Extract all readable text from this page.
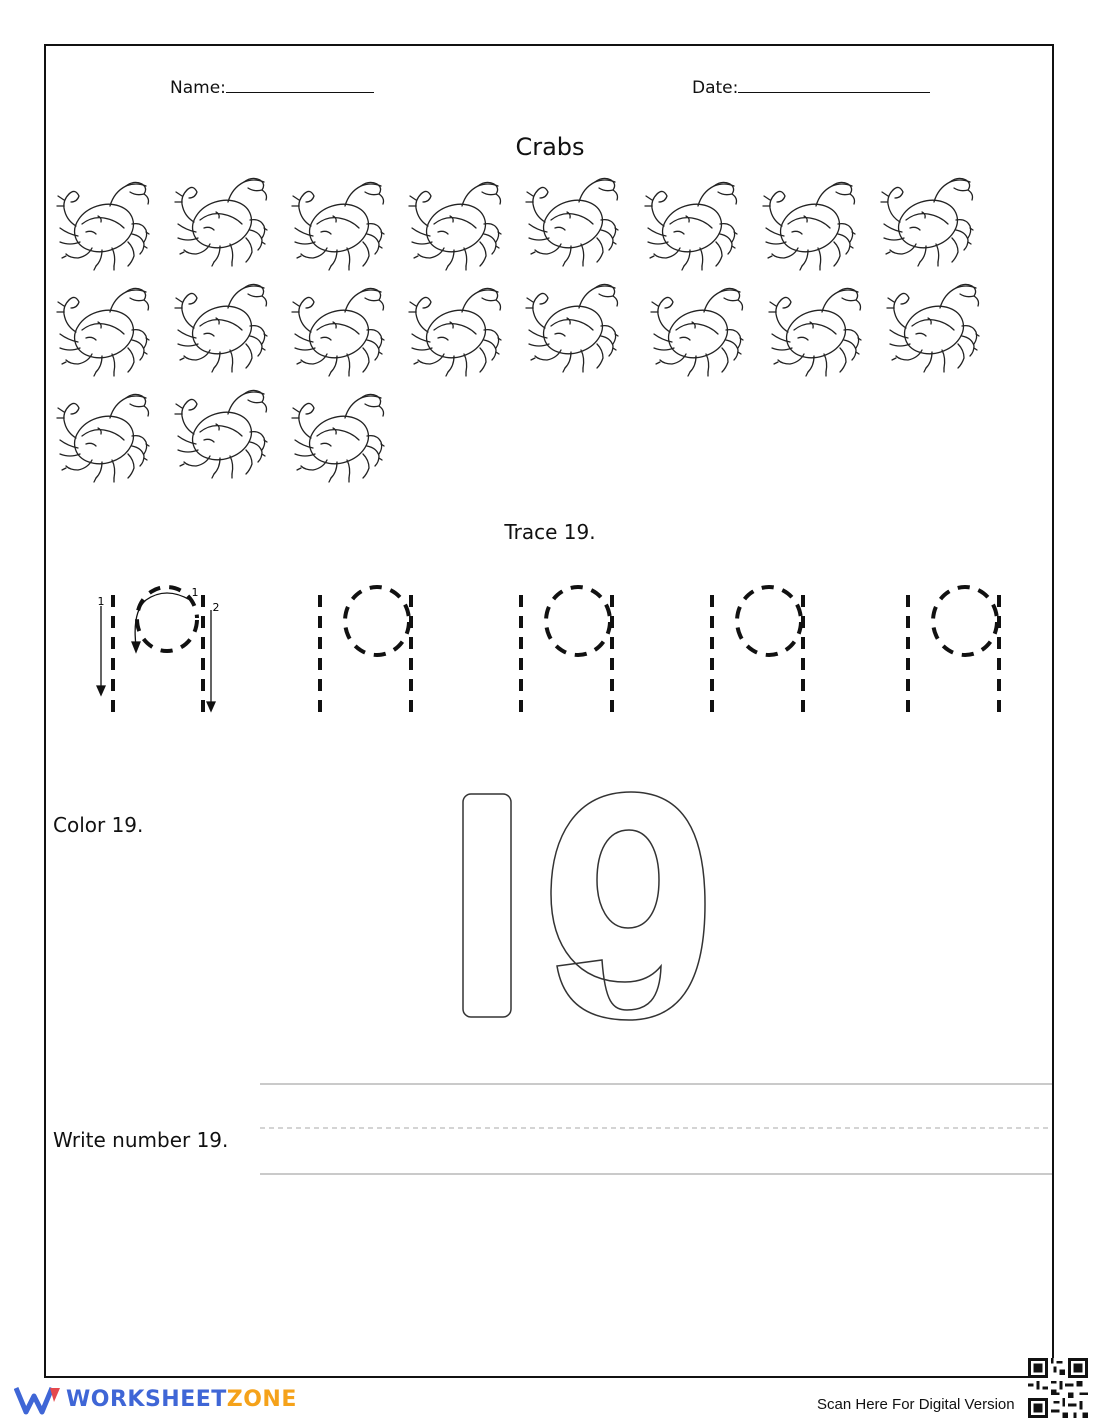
Name:	Date:
Crabs
Trace 19.
1
1
2
Color 19.
Write number 19.
WORKSHEETZONE	Scan Here For Digital Version
